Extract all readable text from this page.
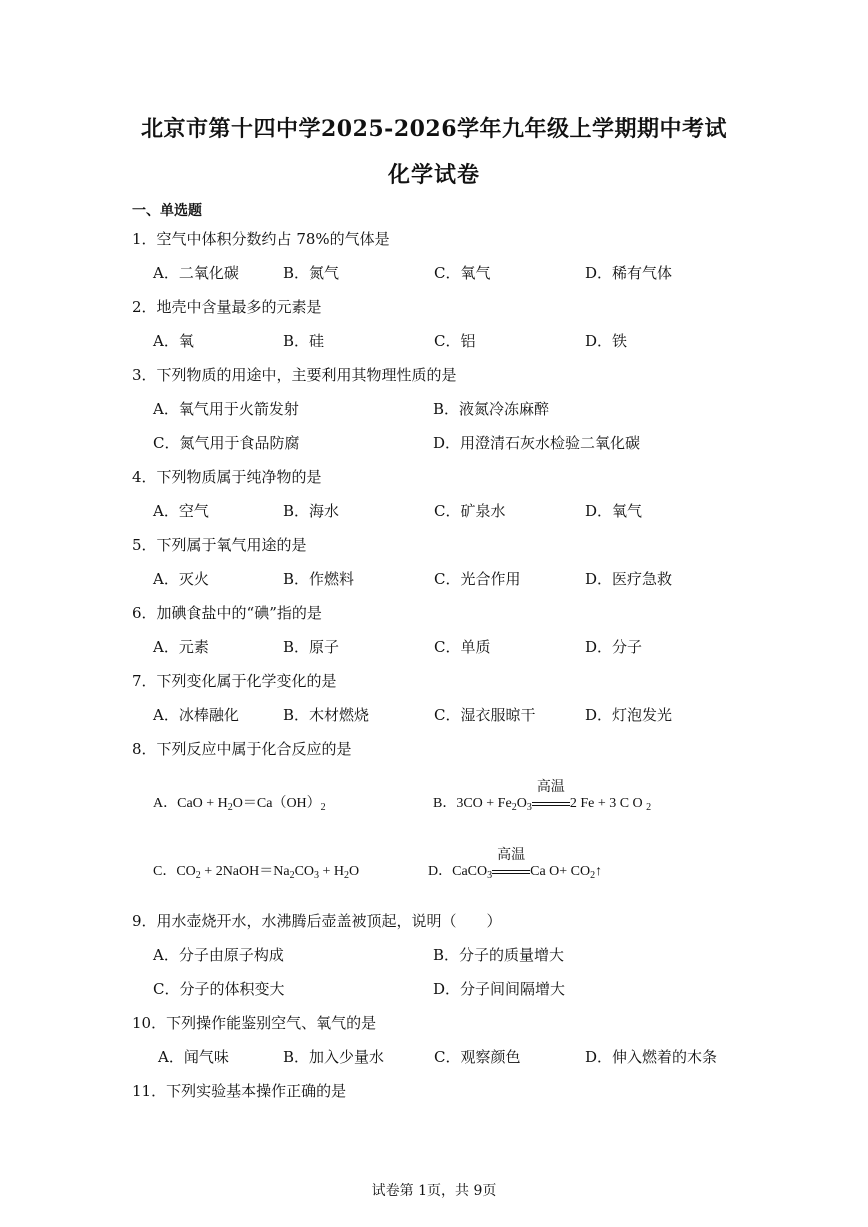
北京市第十四中学2025-2026学年九年级上学期期中考试
化学试卷
一、单选题
1．空气中体积分数约占 78%的气体是
A．二氧化碳	B．氮气	C．氧气	D．稀有气体
2．地壳中含量最多的元素是
A．氧	B．硅	C．铝	D．铁
3．下列物质的用途中，主要利用其物理性质的是
A．氧气用于火箭发射	B．液氮冷冻麻醉
C．氮气用于食品防腐	D．用澄清石灰水检验二氧化碳
4．下列物质属于纯净物的是
A．空气	B．海水	C．矿泉水	D．氧气
5．下列属于氧气用途的是
A．灭火	B．作燃料	C．光合作用	D．医疗急救
6．加碘食盐中的“碘”指的是
A．元素	B．原子	C．单质	D．分子
7．下列变化属于化学变化的是
A．冰棒融化	B．木材燃烧	C．湿衣服晾干	D．灯泡发光
8．下列反应中属于化合反应的是
A．CaO + $H_2O=Ca(OH)_2$	B．$3CO + Fe_2O_3$
高温
2 Fe + 3 C O $_2$
C．$CO_2$ + $2NaOH=Na_2CO_3 + H_2O$	D．CaCO$_3$
高温
Ca $O+ CO_2↑$
9．用水壶烧开水，水沸腾后壶盖被顶起，说明（　　）
A．分子由原子构成	B．分子的质量增大
C．分子的体积变大	D．分子间间隔增大
10．下列操作能鉴别空气、氧气的是
A．闻气味	B．加入少量水	C．观察颜色	D．伸入燃着的木条
11．下列实验基本操作正确的是
试卷第 1页，共 9页
